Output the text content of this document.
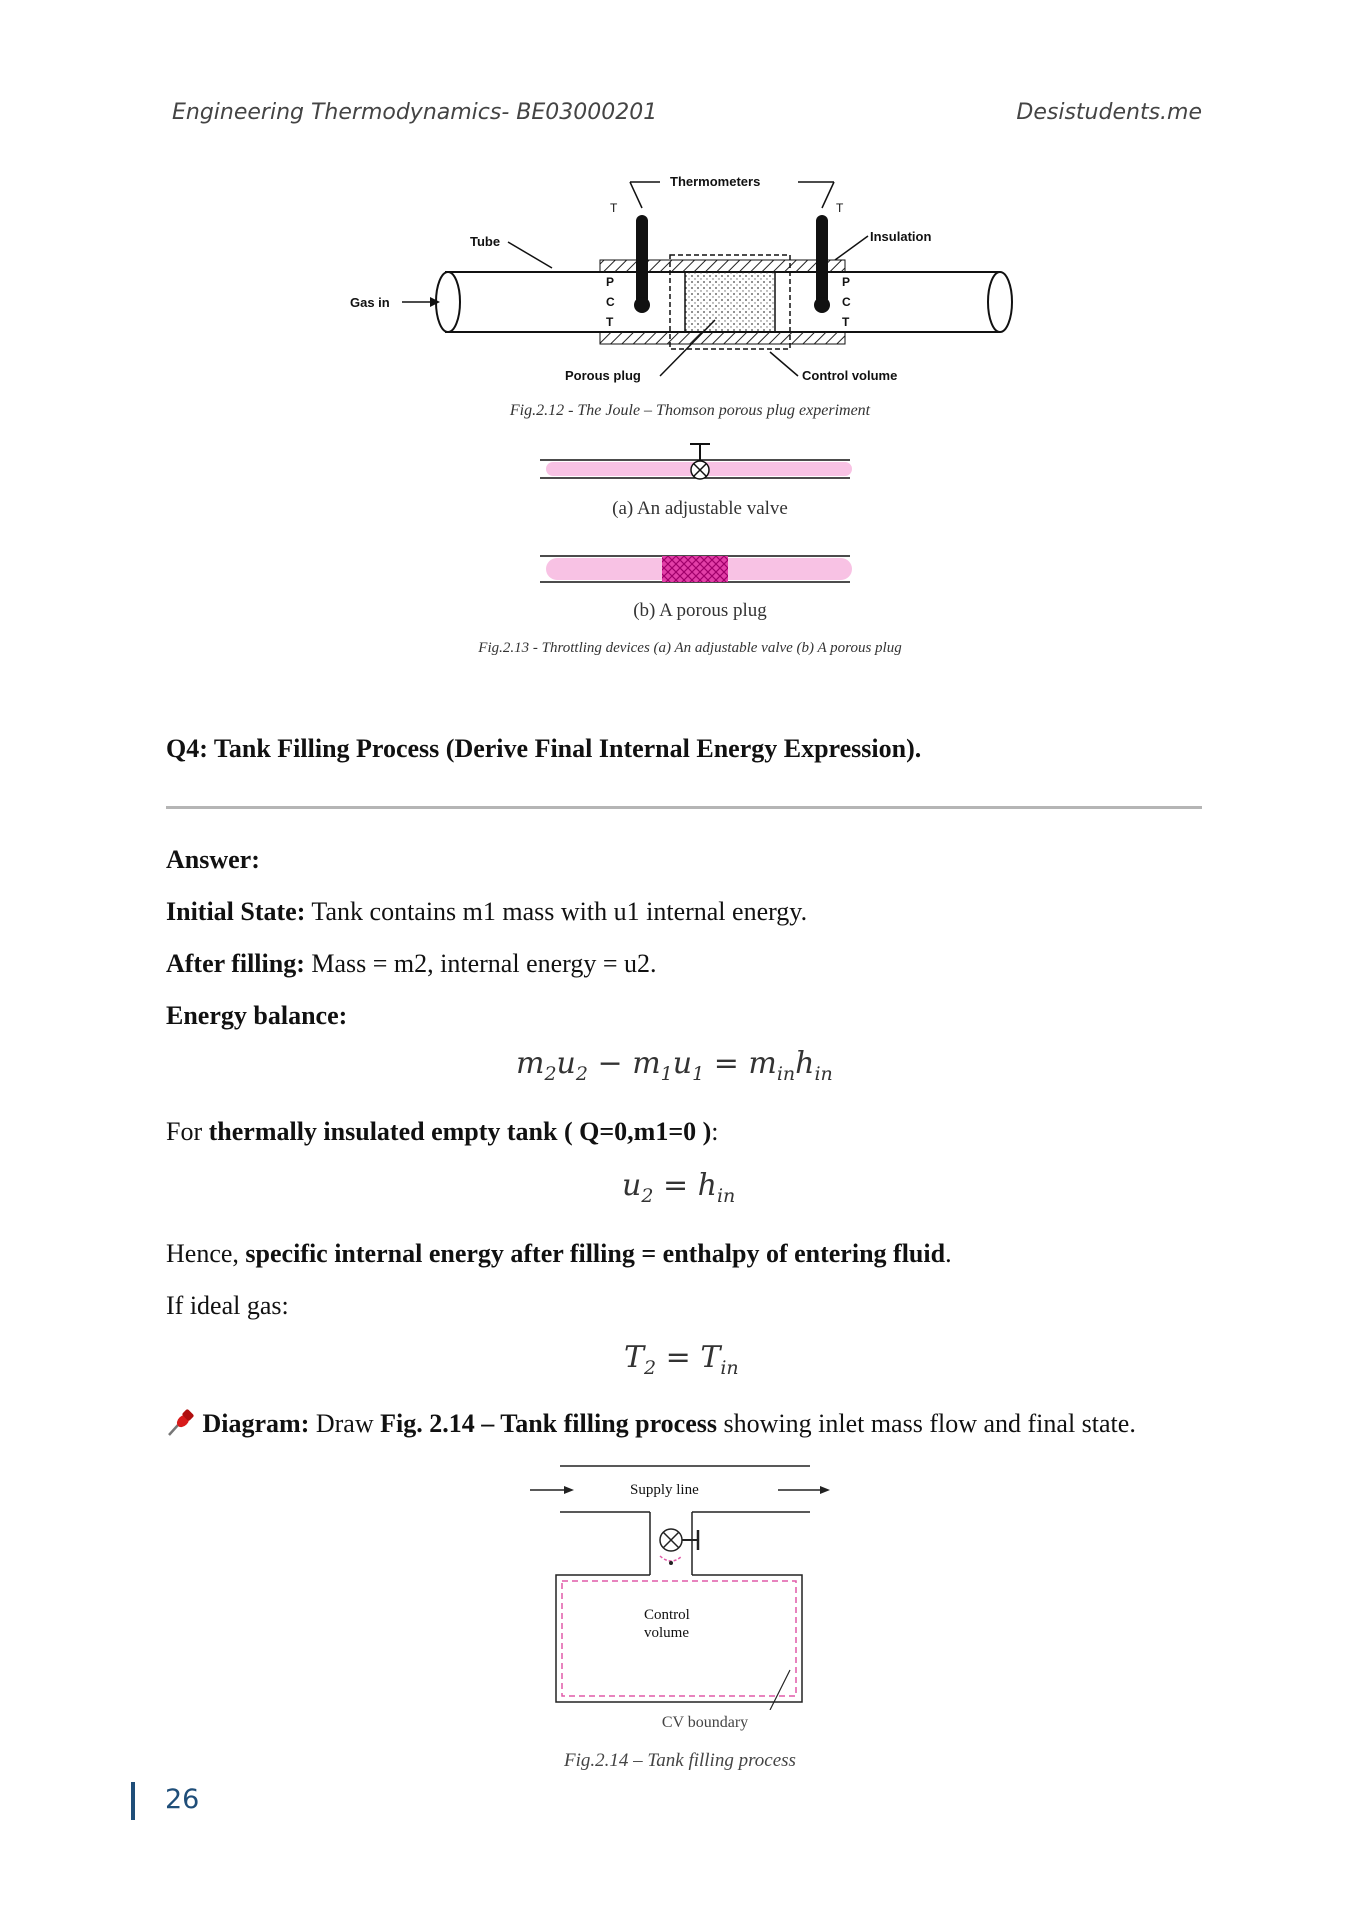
Engineering Thermodynamics- BE03000201	Desistudents.me
Thermometers
T	T
Tube	Insulation
Gas in
P
C
T
P
C
T
Porous plug	Control volume
Fig.2.12 - The Joule – Thomson porous plug experiment
(a) An adjustable valve
(b) A porous plug
Fig.2.13 - Throttling devices (a) An adjustable valve (b) A porous plug
Q4: Tank Filling Process (Derive Final Internal Energy Expression).
Answer:
Initial State: Tank contains m1 mass with u1 internal energy.
After filling: Mass = m2, internal energy = u2.
Energy balance:
$m_2u_2 - m_1u_1 = m_{in}h_{in}$
For thermally insulated empty tank ( Q=0,m1=0 ):
$u_2 = h_{in}$
Hence, specific internal energy after filling = enthalpy of entering fluid.
If ideal gas:
$T_2 = T_{in}$
Diagram: Draw Fig. 2.14 – Tank filling process showing inlet mass flow and final state.
Supply line
Control
volume
CV boundary
Fig.2.14 – Tank filling process
26
